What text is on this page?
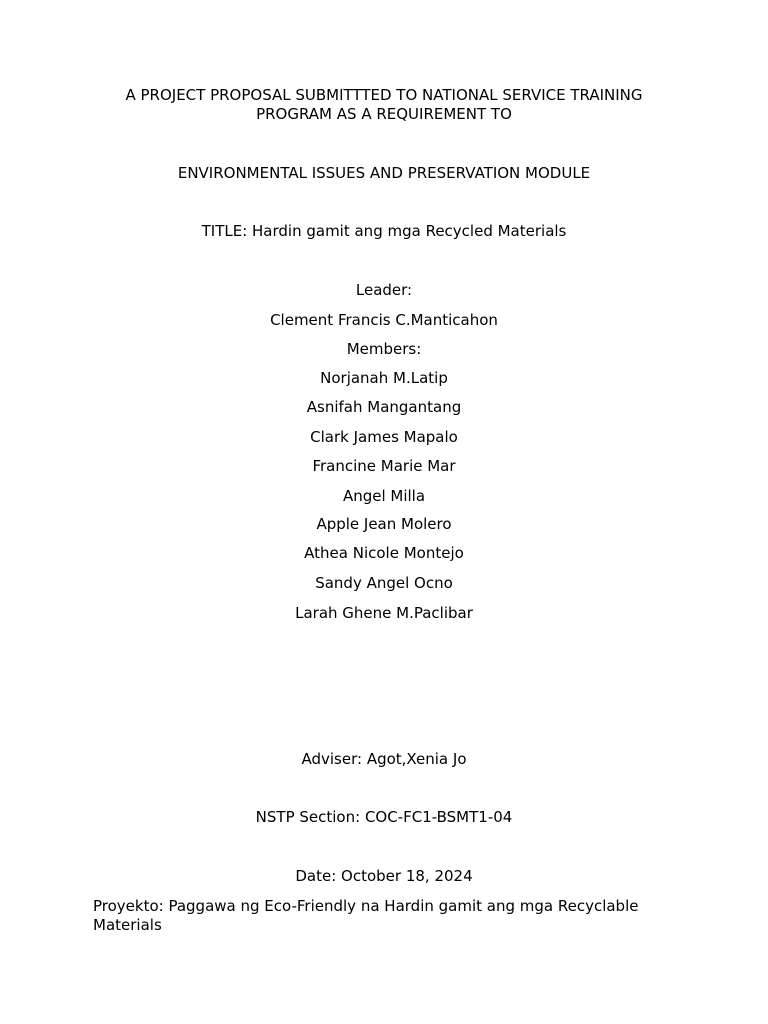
A PROJECT PROPOSAL SUBMITTTED TO NATIONAL SERVICE TRAINING
PROGRAM AS A REQUIREMENT TO
ENVIRONMENTAL ISSUES AND PRESERVATION MODULE
TITLE: Hardin gamit ang mga Recycled Materials
Leader:
Clement Francis C.Manticahon
Members:
Norjanah M.Latip
Asnifah Mangantang
Clark James Mapalo
Francine Marie Mar
Angel Milla
Apple Jean Molero
Athea Nicole Montejo
Sandy Angel Ocno
Larah Ghene M.Paclibar
Adviser: Agot,Xenia Jo
NSTP Section: COC-FC1-BSMT1-04
Date: October 18, 2024
Proyekto: Paggawa ng Eco-Friendly na Hardin gamit ang mga Recyclable Materials
